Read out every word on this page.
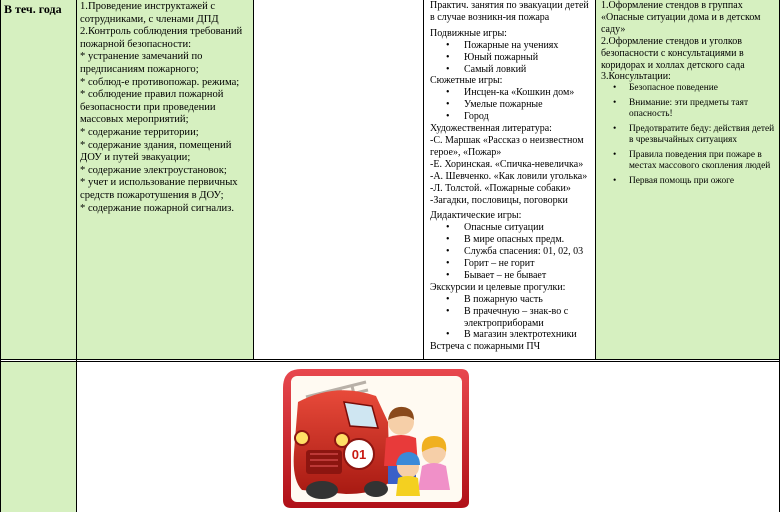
В теч. года	1.Проведение инструктажей с сотрудниками, с членами ДПД

2.Контроль соблюдения требований пожарной безопасности:

* устранение замечаний по предписаниям пожарного;

* соблюд-е противопожар. режима;

* соблюдение правил пожарной безопасности при проведении массовых мероприятий;

* содержание территории;

* содержание здания, помещений ДОУ и путей эвакуации;

* содержание электроустановок;

* учет и использование первичных средств пожаротушения в ДОУ;

* содержание пожарной сигнализ.

Практич. занятия по эвакуации детей в случае возникн-ия пожара

Подвижные игры:

• Пожарные на учениях
• Юный пожарный
• Самый ловкий

Сюжетные игры:

• Инсцен-ка «Кошкин дом»
• Умелые пожарные
• Город

Художественная литература:

-С. Маршак «Рассказ о неизвестном герое», «Пожар»

-Е. Хоринская. «Спичка-невеличка»

-А. Шевченко. «Как ловили уголька»

-Л. Толстой. «Пожарные собаки»

-Загадки, пословицы, поговорки

Дидактические игры:

• Опасные ситуации
• В мире опасных предм.
• Служба спасения: 01, 02, 03
• Горит – не горит
• Бывает – не бывает

Экскурсии и целевые прогулки:

• В пожарную часть
• В прачечную – знак-во с электроприборами
• В магазин электротехники

Встреча с пожарными ПЧ

1.Оформление стендов в группах «Опасные ситуации дома и в детском саду»

2.Оформление стендов и уголков безопасности с консультациями в коридорах и холлах детского сада

3.Консультации:

• Безопасное поведение
• Внимание: эти предметы таят опасность!
• Предотвратите беду: действия детей в чрезвычайных ситуациях
• Правила поведения при пожаре в местах массового скопления людей
• Первая помощь при ожоге
01
